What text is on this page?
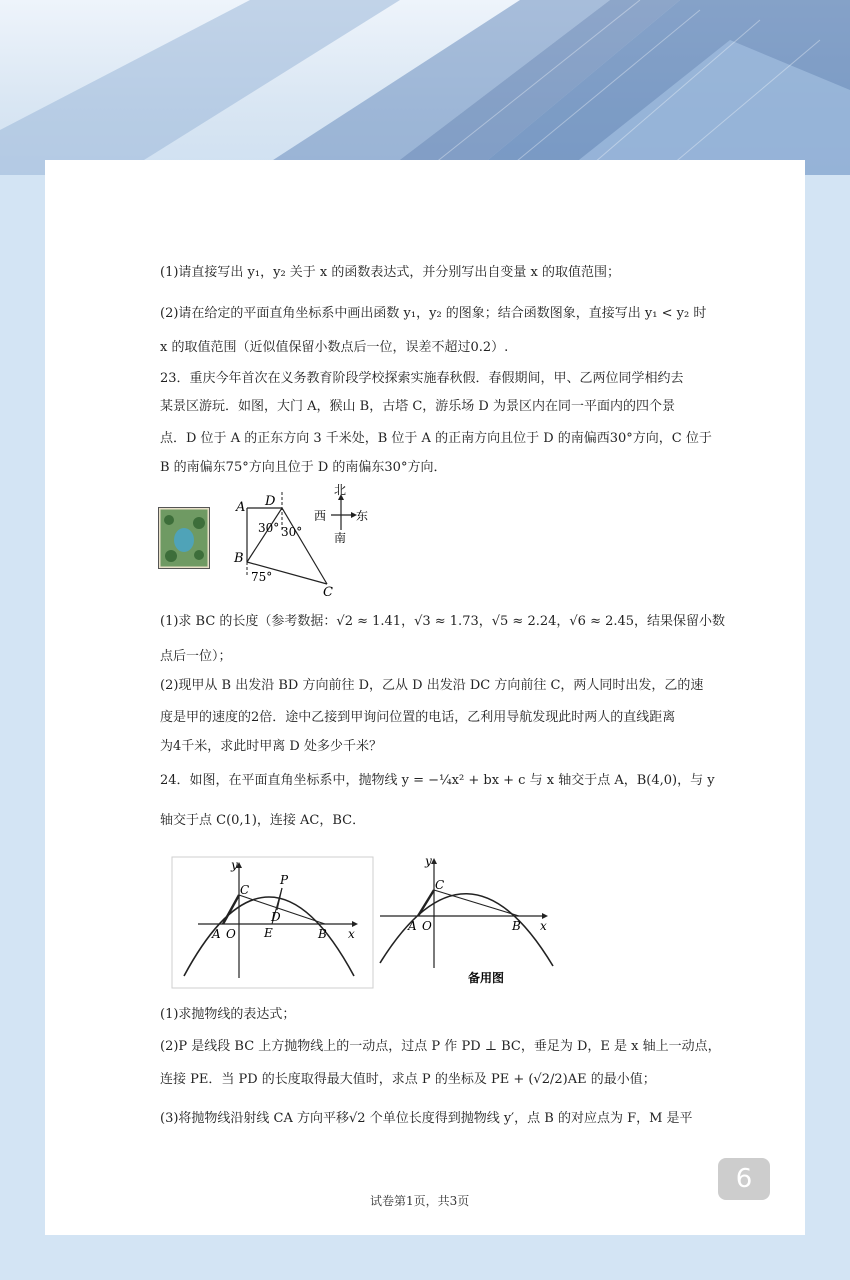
(1)请直接写出 y₁，y₂ 关于 x 的函数表达式，并分别写出自变量 x 的取值范围；
(2)请在给定的平面直角坐标系中画出函数 y₁，y₂ 的图象；结合函数图象，直接写出 y₁ < y₂ 时
x 的取值范围（近似值保留小数点后一位，误差不超过0.2）.
23．重庆今年首次在义务教育阶段学校探索实施春秋假．春假期间，甲、乙两位同学相约去
某景区游玩．如图，大门 A，猴山 B，古塔 C，游乐场 D 为景区内在同一平面内的四个景
点．D 位于 A 的正东方向 3 千米处，B 位于 A 的正南方向且位于 D 的南偏西30°方向，C 位于
B 的南偏东75°方向且位于 D 的南偏东30°方向．
A
B
C
D
30° 30°
75°
北
南
西 东
(1)求 BC 的长度（参考数据：√2 ≈ 1.41，√3 ≈ 1.73，√5 ≈ 2.24，√6 ≈ 2.45，结果保留小数
点后一位）；
(2)现甲从 B 出发沿 BD 方向前往 D，乙从 D 出发沿 DC 方向前往 C，两人同时出发，乙的速
度是甲的速度的2倍．途中乙接到甲询问位置的电话，乙利用导航发现此时两人的直线距离
为4千米，求此时甲离 D 处多少千米？
24．如图，在平面直角坐标系中，抛物线 y = −¼x² + bx + c 与 x 轴交于点 A，B(4,0)，与 y
轴交于点 C(0,1)，连接 AC，BC．
y
x
A O
C
P
D
E	B
y
x
A O
C
B
备用图
(1)求抛物线的表达式；
(2)P 是线段 BC 上方抛物线上的一动点，过点 P 作 PD ⊥ BC，垂足为 D，E 是 x 轴上一动点，
连接 PE．当 PD 的长度取得最大值时，求点 P 的坐标及 PE + (√2/2)AE 的最小值；
(3)将抛物线沿射线 CA 方向平移√2 个单位长度得到抛物线 y′，点 B 的对应点为 F，M 是平
6
试卷第1页，共3页
